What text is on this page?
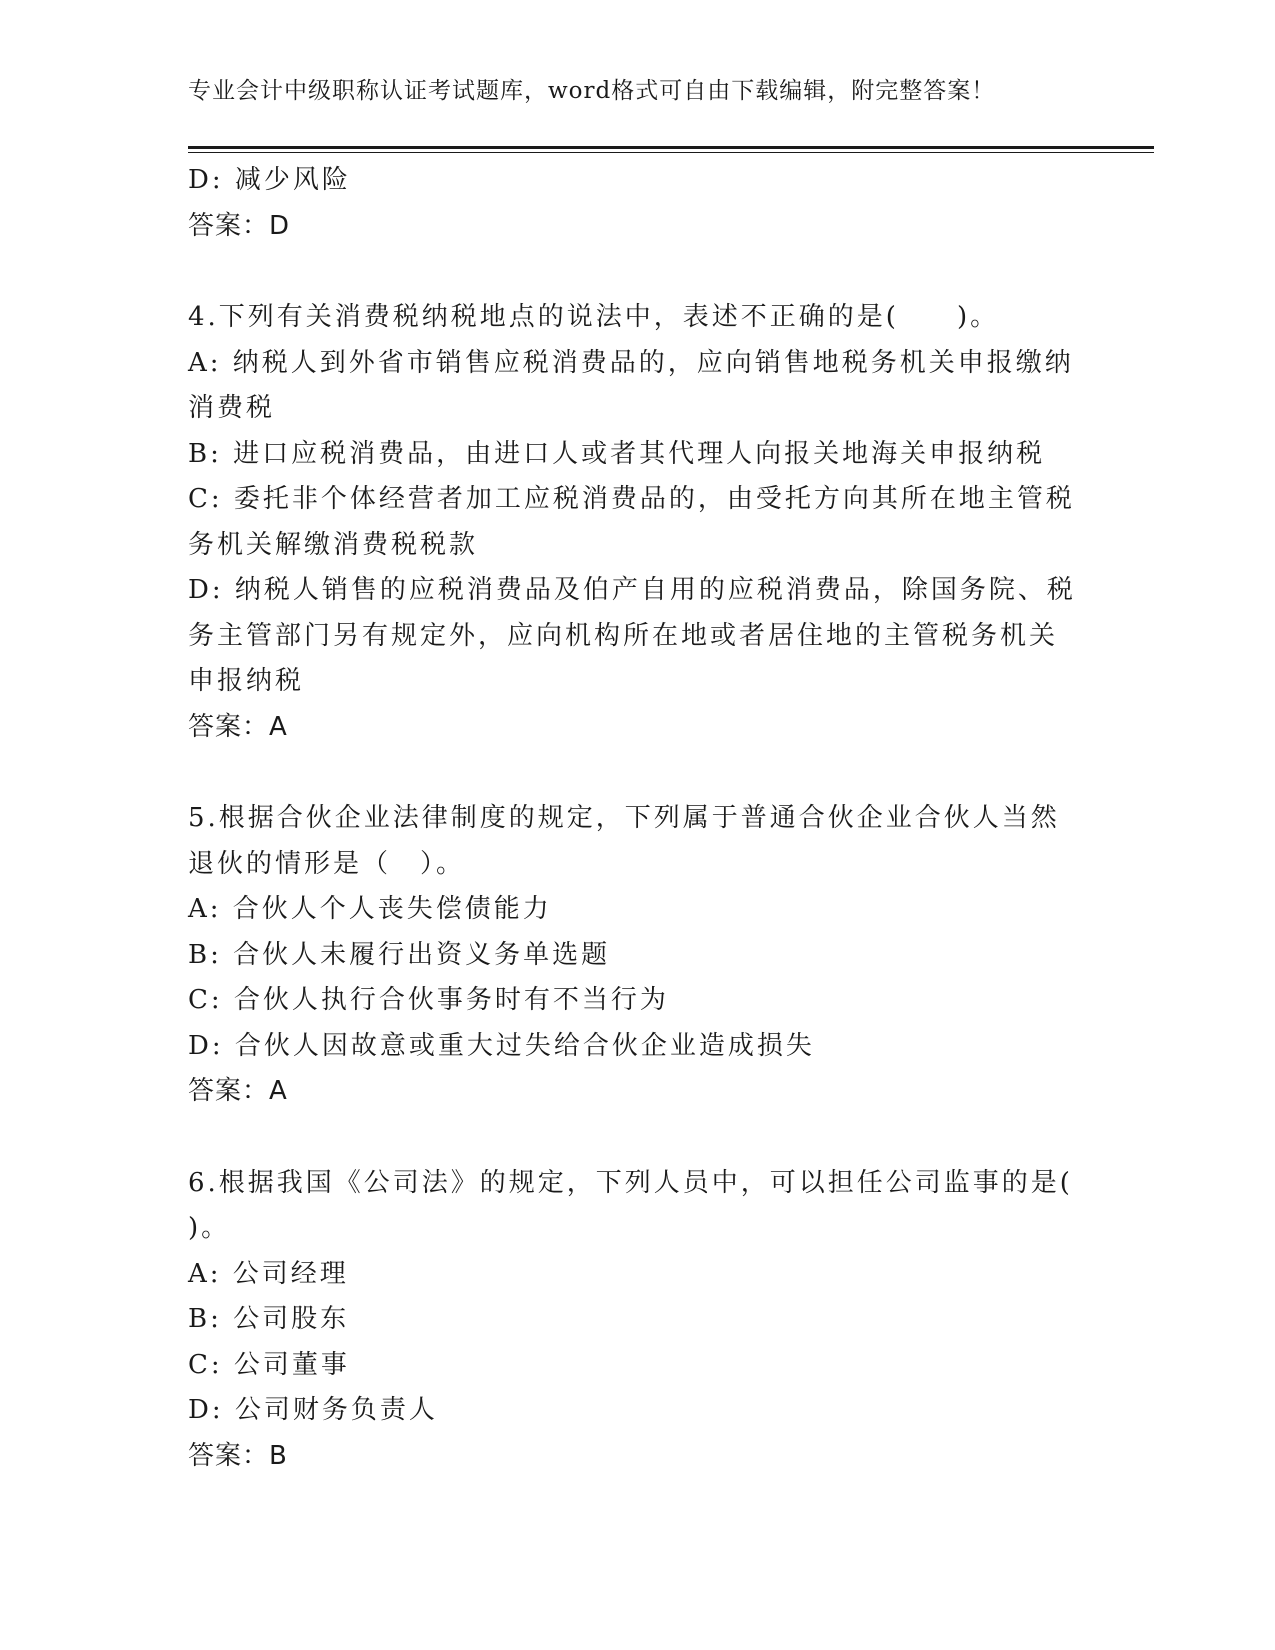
专业会计中级职称认证考试题库，word格式可自由下载编辑，附完整答案！
D: 减少风险
答案：D
4.下列有关消费税纳税地点的说法中，表述不正确的是(　　)。
A: 纳税人到外省市销售应税消费品的，应向销售地税务机关申报缴纳
消费税
B: 进口应税消费品，由进口人或者其代理人向报关地海关申报纳税
C: 委托非个体经营者加工应税消费品的，由受托方向其所在地主管税
务机关解缴消费税税款
D: 纳税人销售的应税消费品及伯产自用的应税消费品，除国务院、税
务主管部门另有规定外，应向机构所在地或者居住地的主管税务机关
申报纳税
答案：A
5.根据合伙企业法律制度的规定，下列属于普通合伙企业合伙人当然
退伙的情形是（　）。
A: 合伙人个人丧失偿债能力
B: 合伙人未履行出资义务单选题
C: 合伙人执行合伙事务时有不当行为
D: 合伙人因故意或重大过失给合伙企业造成损失
答案：A
6.根据我国《公司法》的规定，下列人员中，可以担任公司监事的是(
)。
A: 公司经理
B: 公司股东
C: 公司董事
D: 公司财务负责人
答案：B
